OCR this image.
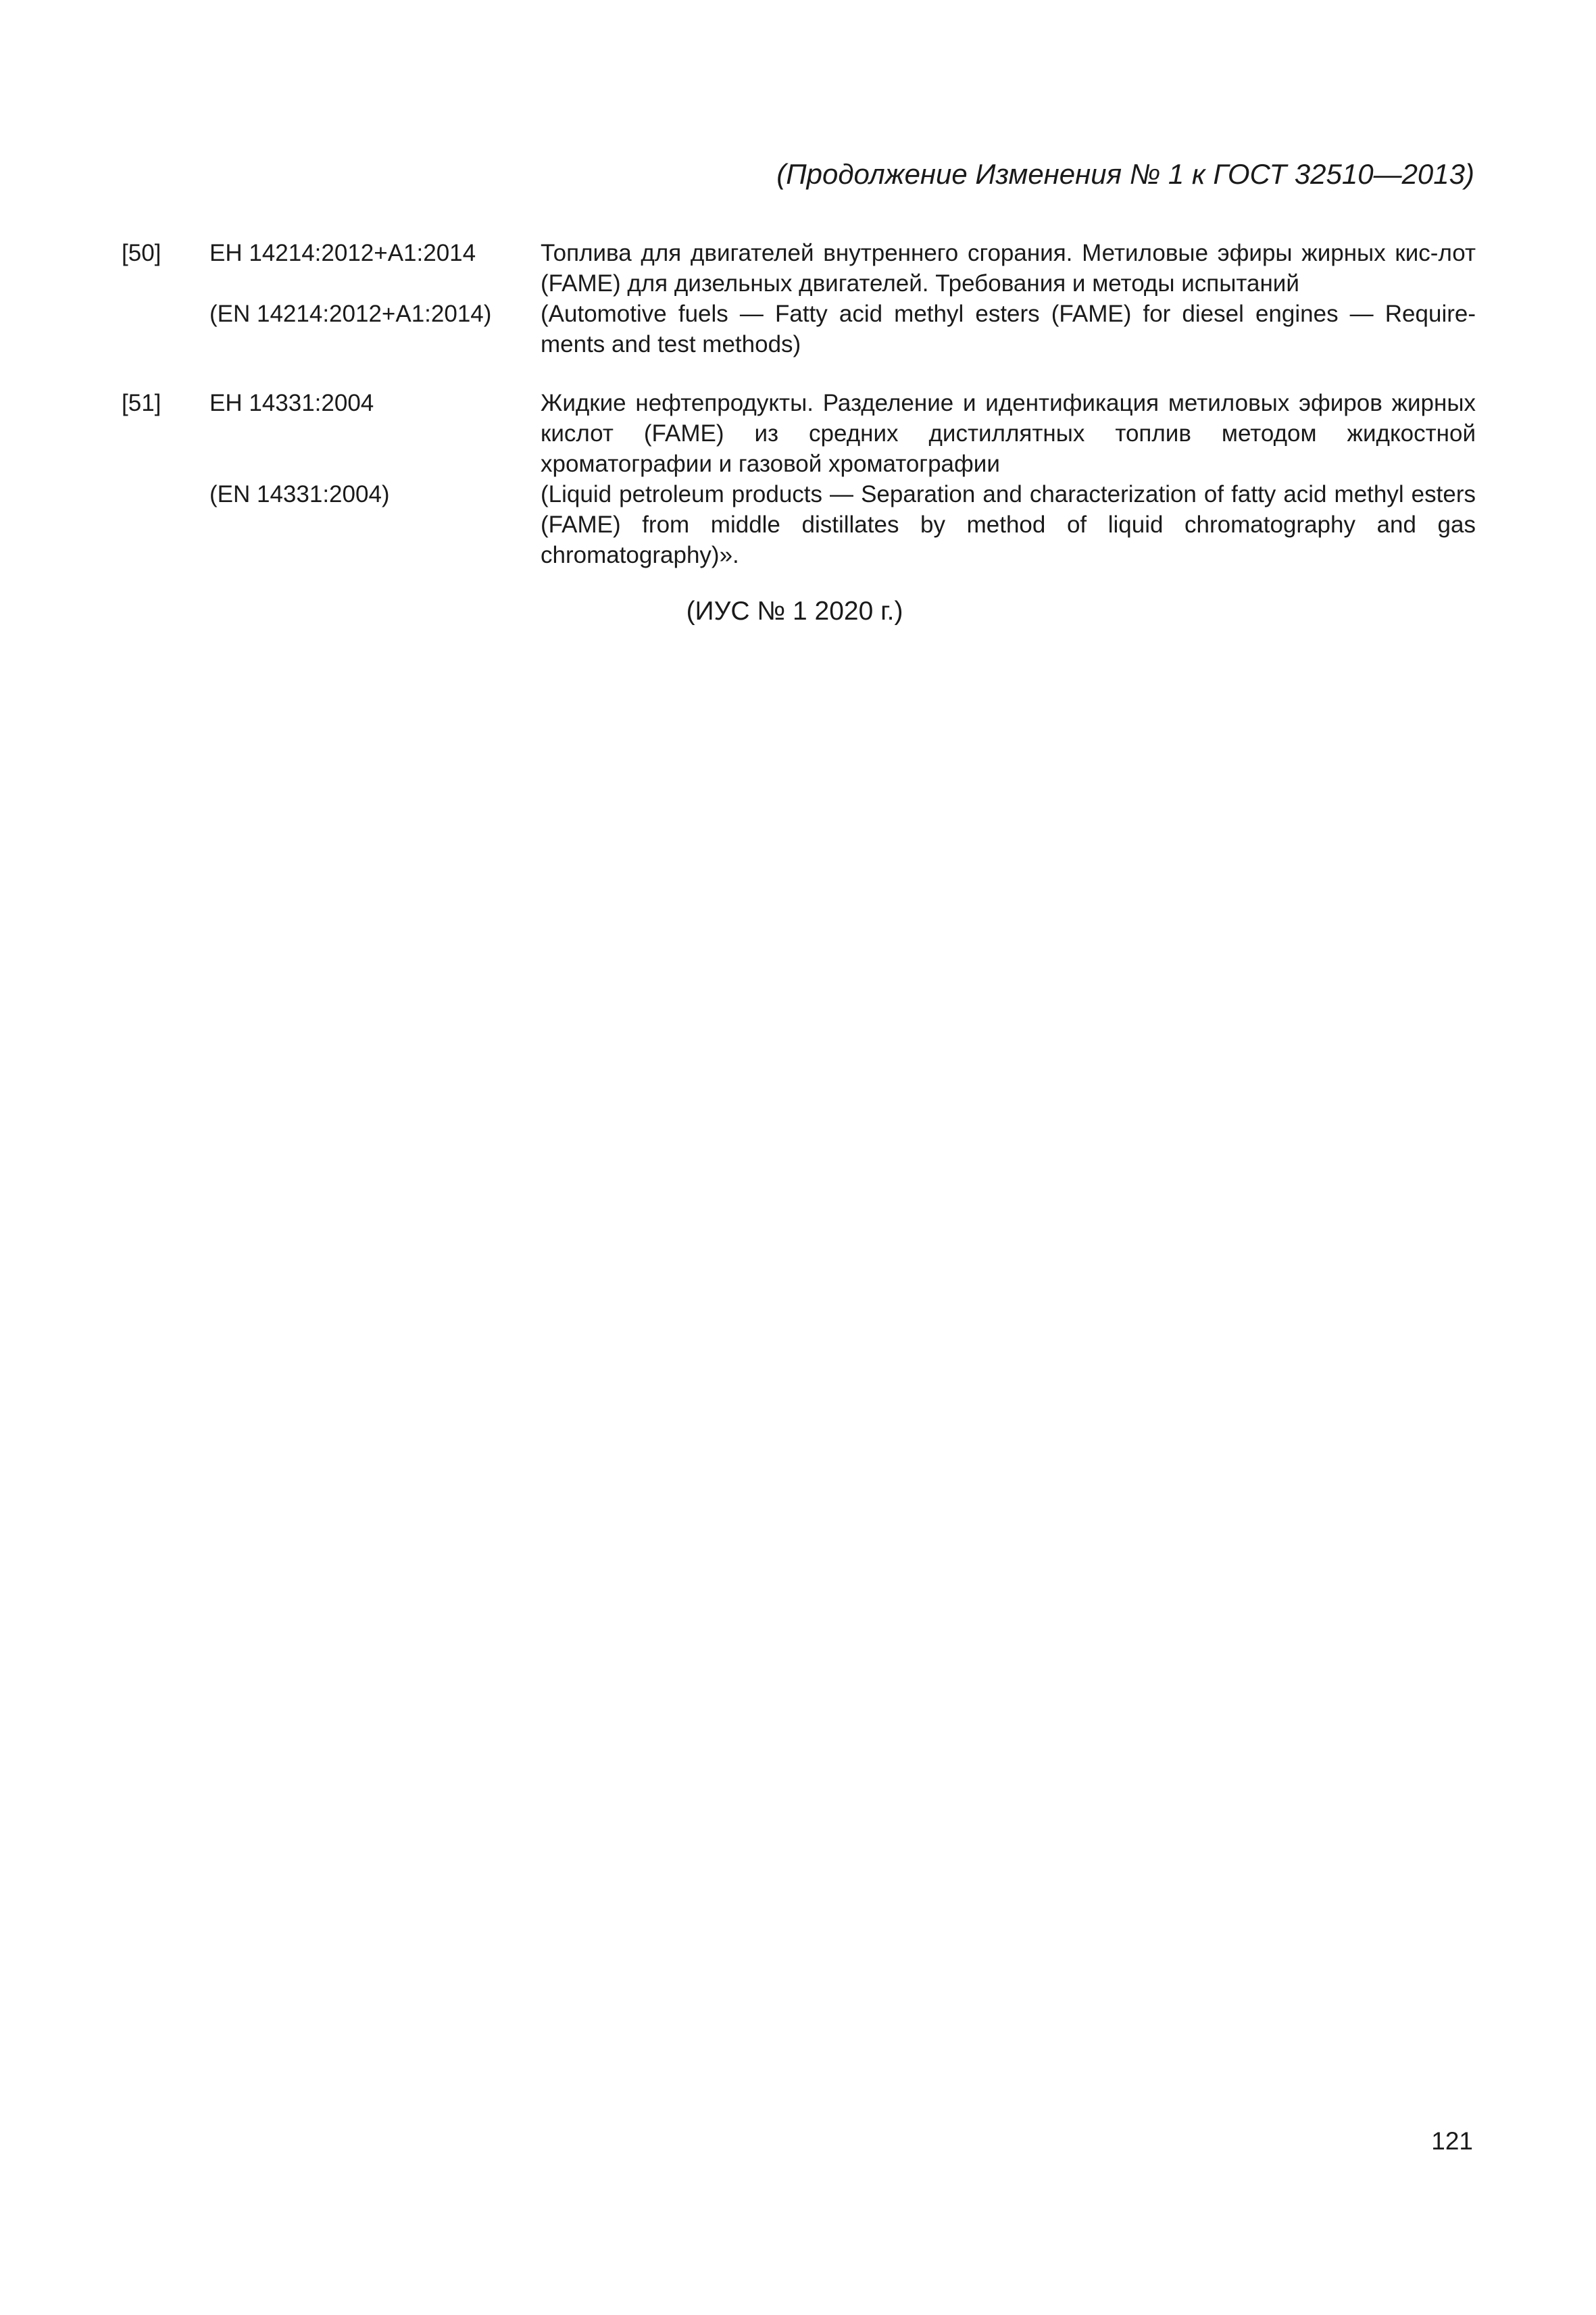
(Продолжение Изменения № 1 к ГОСТ 32510—2013)

[50]	ЕН 14214:2012+А1:2014	Топлива для двигателей внутреннего сгорания. Метиловые эфиры жирных кис-лот (FAME) для дизельных двигателей. Требования и методы испытаний
(EN 14214:2012+A1:2014)	(Automotive fuels — Fatty acid methyl esters (FAME) for diesel engines — Require-ments and test methods)
[51]	ЕН 14331:2004	Жидкие нефтепродукты. Разделение и идентификация метиловых эфиров жирных кислот (FAME) из средних дистиллятных топлив методом жидкостной хроматографии и газовой хроматографии
(EN 14331:2004)	(Liquid petroleum products — Separation and characterization of fatty acid methyl esters (FAME) from middle distillates by method of liquid chromatography and gas chromatography)».
(ИУС № 1 2020 г.)
121
